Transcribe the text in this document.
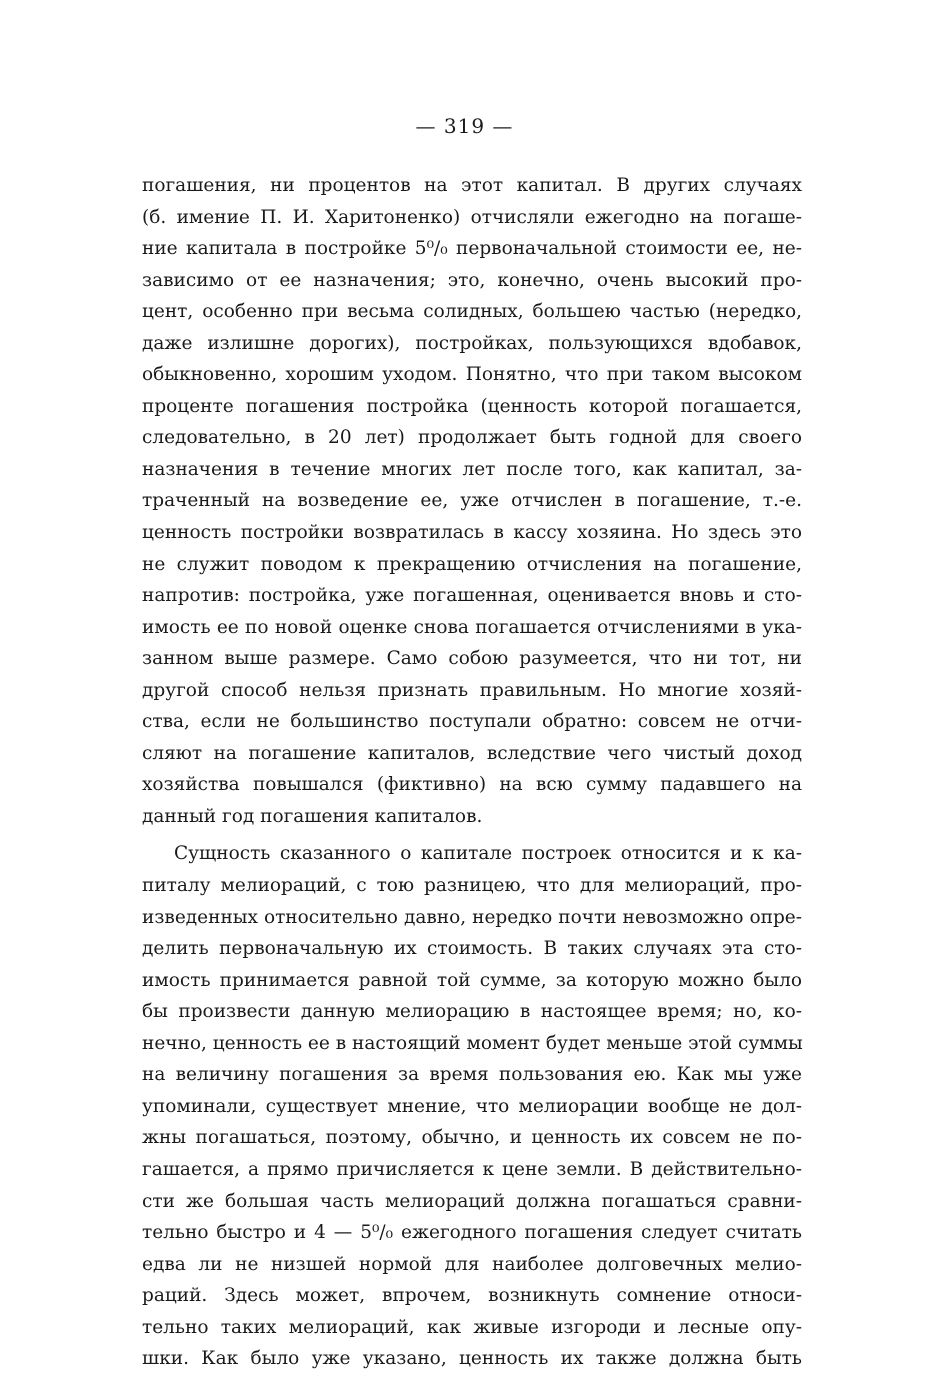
— 319 —
погашения, ни процентов на этот капитал. В других случаях
(б. имение П. И. Харитоненко) отчисляли ежегодно на погаше-
ние капитала в постройке 5⁰/₀ первоначальной стоимости ее, не-
зависимо от ее назначения; это, конечно, очень высокий про-
цент, особенно при весьма солидных, большею частью (нередко,
даже излишне дорогих), постройках, пользующихся вдобавок,
обыкновенно, хорошим уходом. Понятно, что при таком высоком
проценте погашения постройка (ценность которой погашается,
следовательно, в 20 лет) продолжает быть годной для своего
назначения в течение многих лет после того, как капитал, за-
траченный на возведение ее, уже отчислен в погашение, т.-е.
ценность постройки возвратилась в кассу хозяина. Но здесь это
не служит поводом к прекращению отчисления на погашение,
напротив: постройка, уже погашенная, оценивается вновь и сто-
имость ее по новой оценке снова погашается отчислениями в ука-
занном выше размере. Само собою разумеется, что ни тот, ни
другой способ нельзя признать правильным. Но многие хозяй-
ства, если не большинство поступали обратно: совсем не отчи-
сляют на погашение капиталов, вследствие чего чистый доход
хозяйства повышался (фиктивно) на всю сумму падавшего на
данный год погашения капиталов.
Сущность сказанного о капитале построек относится и к ка-
питалу мелиораций, с тою разницею, что для мелиораций, про-
изведенных относительно давно, нередко почти невозможно опре-
делить первоначальную их стоимость. В таких случаях эта сто-
имость принимается равной той сумме, за которую можно было
бы произвести данную мелиорацию в настоящее время; но, ко-
нечно, ценность ее в настоящий момент будет меньше этой суммы
на величину погашения за время пользования ею. Как мы уже
упоминали, существует мнение, что мелиорации вообще не дол-
жны погашаться, поэтому, обычно, и ценность их совсем не по-
гашается, а прямо причисляется к цене земли. В действительно-
сти же большая часть мелиораций должна погашаться сравни-
тельно быстро и 4 — 5⁰/₀ ежегодного погашения следует считать
едва ли не низшей нормой для наиболее долговечных мелио-
раций. Здесь может, впрочем, возникнуть сомнение относи-
тельно таких мелиораций, как живые изгороди и лесные опу-
шки. Как было уже указано, ценность их также должна быть
